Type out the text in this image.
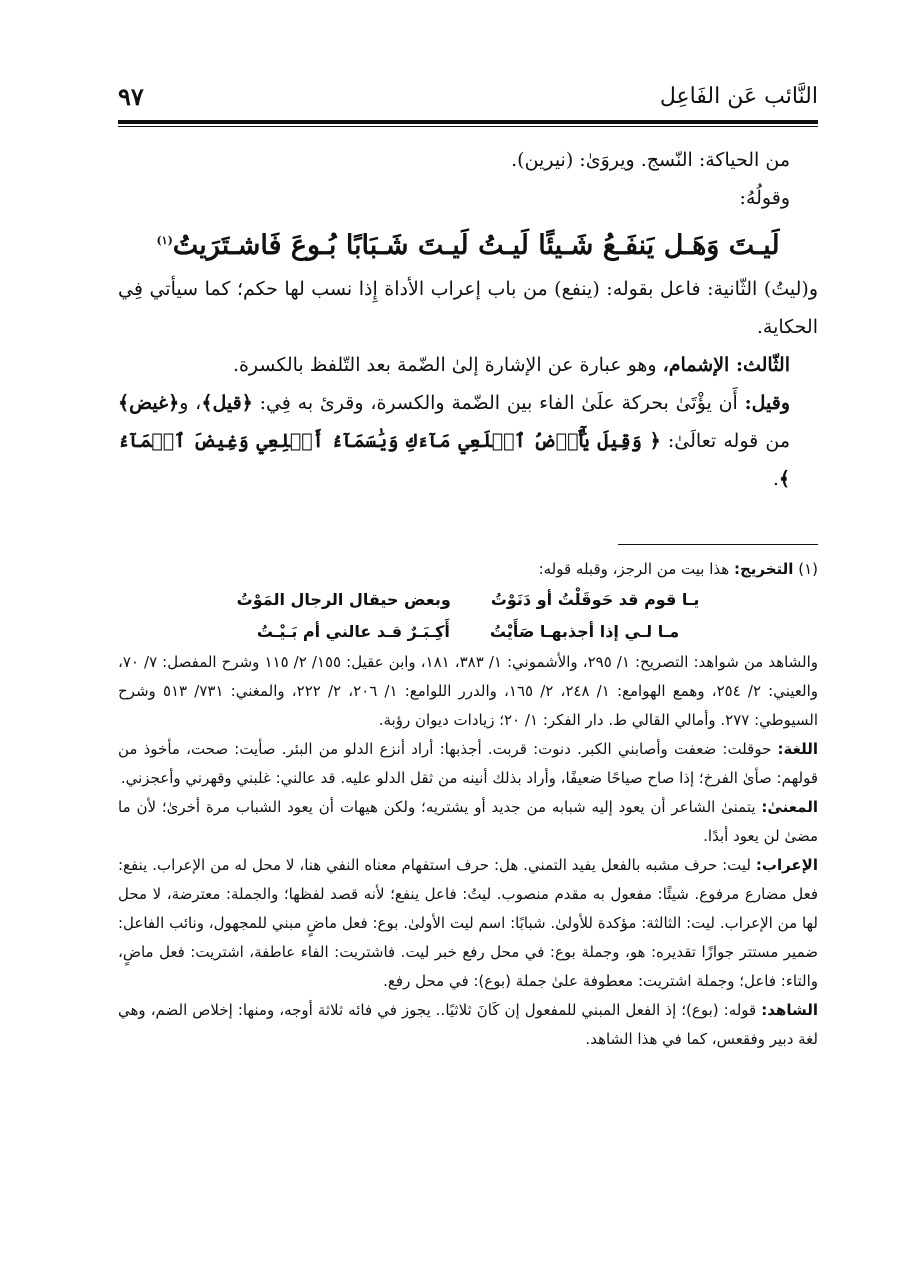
النَّائب عَن الفَاعِل
٩٧

من الحياكة: النّسج. ويروَىٰ: (نيرين).

وقولُهُ:

لَيـتَ وَهَـل يَنفَـعُ شَـيئًا لَيـتُ لَيـتَ شَـبَابًا بُـوعَ فَاشـتَرَيتُ$^{(١)}$

و(ليتُ) الثّانية: فاعل بقوله: (ينفع) من باب إعراب الأداة إِذا نسب لها حكم؛ كما سيأتي فِي الحكاية.

الثّالث: الإشمام، وهو عبارة عن الإشارة إلىٰ الضّمة بعد التّلفظ بالكسرة.

وقيل: أَن يؤْتَىٰ بحركة علَىٰ الفاء بين الضّمة والكسرة، وقرئ به فِي: ﴿قيل﴾، و﴿غيض﴾ من قوله تعالَىٰ: ﴿ وَقِيلَ يَٰٓأَرۡضُ ٱبۡلَعِي مَآءَكِ وَيَٰسَمَآءُ أَقۡلِعِي وَغِيضَ ٱلۡمَآءُ ﴾.

(١) التخريج: هذا بيت من الرجز، وقبله قوله:

يـا قوم قد حَوقَلْتُ أو دَنَوْتُ
وبعض حيقال الرجال المَوْتُ
مـا لـي إذا أجذبهـا صَأَيْتُ
أَكِـبَـرٌ قـد عالني أم بَـيْـتُ

والشاهد من شواهد: التصريح: ١/ ٢٩٥، والأشموني: ١/ ٣٨٣، ١٨١، وابن عقيل: ١٥٥/ ٢/ ١١٥ وشرح المفصل: ٧/ ٧٠، والعيني: ٢/ ٢٥٤، وهمع الهوامع: ١/ ٢٤٨، ٢/ ١٦٥، والدرر اللوامع: ١/ ٢٠٦، ٢/ ٢٢٢، والمغني: ٧٣١/ ٥١٣ وشرح السيوطي: ٢٧٧. وأمالي القالي ط. دار الفكر: ١/ ٢٠؛ زيادات ديوان رؤبة.

اللغة: حوقلت: ضعفت وأصابني الكبر. دنوت: قربت. أجذبها: أراد أنزع الدلو من البئر. صأيت: صحت، مأخوذ من قولهم: صأىٰ الفرخ؛ إذا صاح صياحًا ضعيفًا، وأراد بذلك أنينه من ثقل الدلو عليه. قد عالني: غلبني وقهرني وأعجزني.

المعنىٰ: يتمنىٰ الشاعر أن يعود إليه شبابه من جديد أو يشتريه؛ ولكن هيهات أن يعود الشباب مرة أخرىٰ؛ لأن ما مضىٰ لن يعود أبدًا.

الإعراب: ليت: حرف مشبه بالفعل يفيد التمني. هل: حرف استفهام معناه النفي هنا، لا محل له من الإعراب. ينفع: فعل مضارع مرفوع. شيئًا: مفعول به مقدم منصوب. ليتُ: فاعل ينفع؛ لأنه قصد لفظها؛ والجملة: معترضة، لا محل لها من الإعراب. ليت: الثالثة: مؤكدة للأولىٰ. شبابًا: اسم ليت الأولىٰ. بوع: فعل ماضٍ مبني للمجهول، ونائب الفاعل: ضمير مستتر جوازًا تقديره: هو، وجملة بوع: في محل رفع خبر ليت. فاشتريت: الفاء عاطفة، اشتريت: فعل ماضٍ، والتاء: فاعل؛ وجملة اشتريت: معطوفة علىٰ جملة (بوع): في محل رفع.

الشاهد: قوله: (بوع)؛ إذ الفعل المبني للمفعول إن كَانَ ثلاثيًا.. يجوز في فائه ثلاثة أوجه، ومنها: إخلاص الضم، وهي لغة دبير وفقعس، كما في هذا الشاهد.
